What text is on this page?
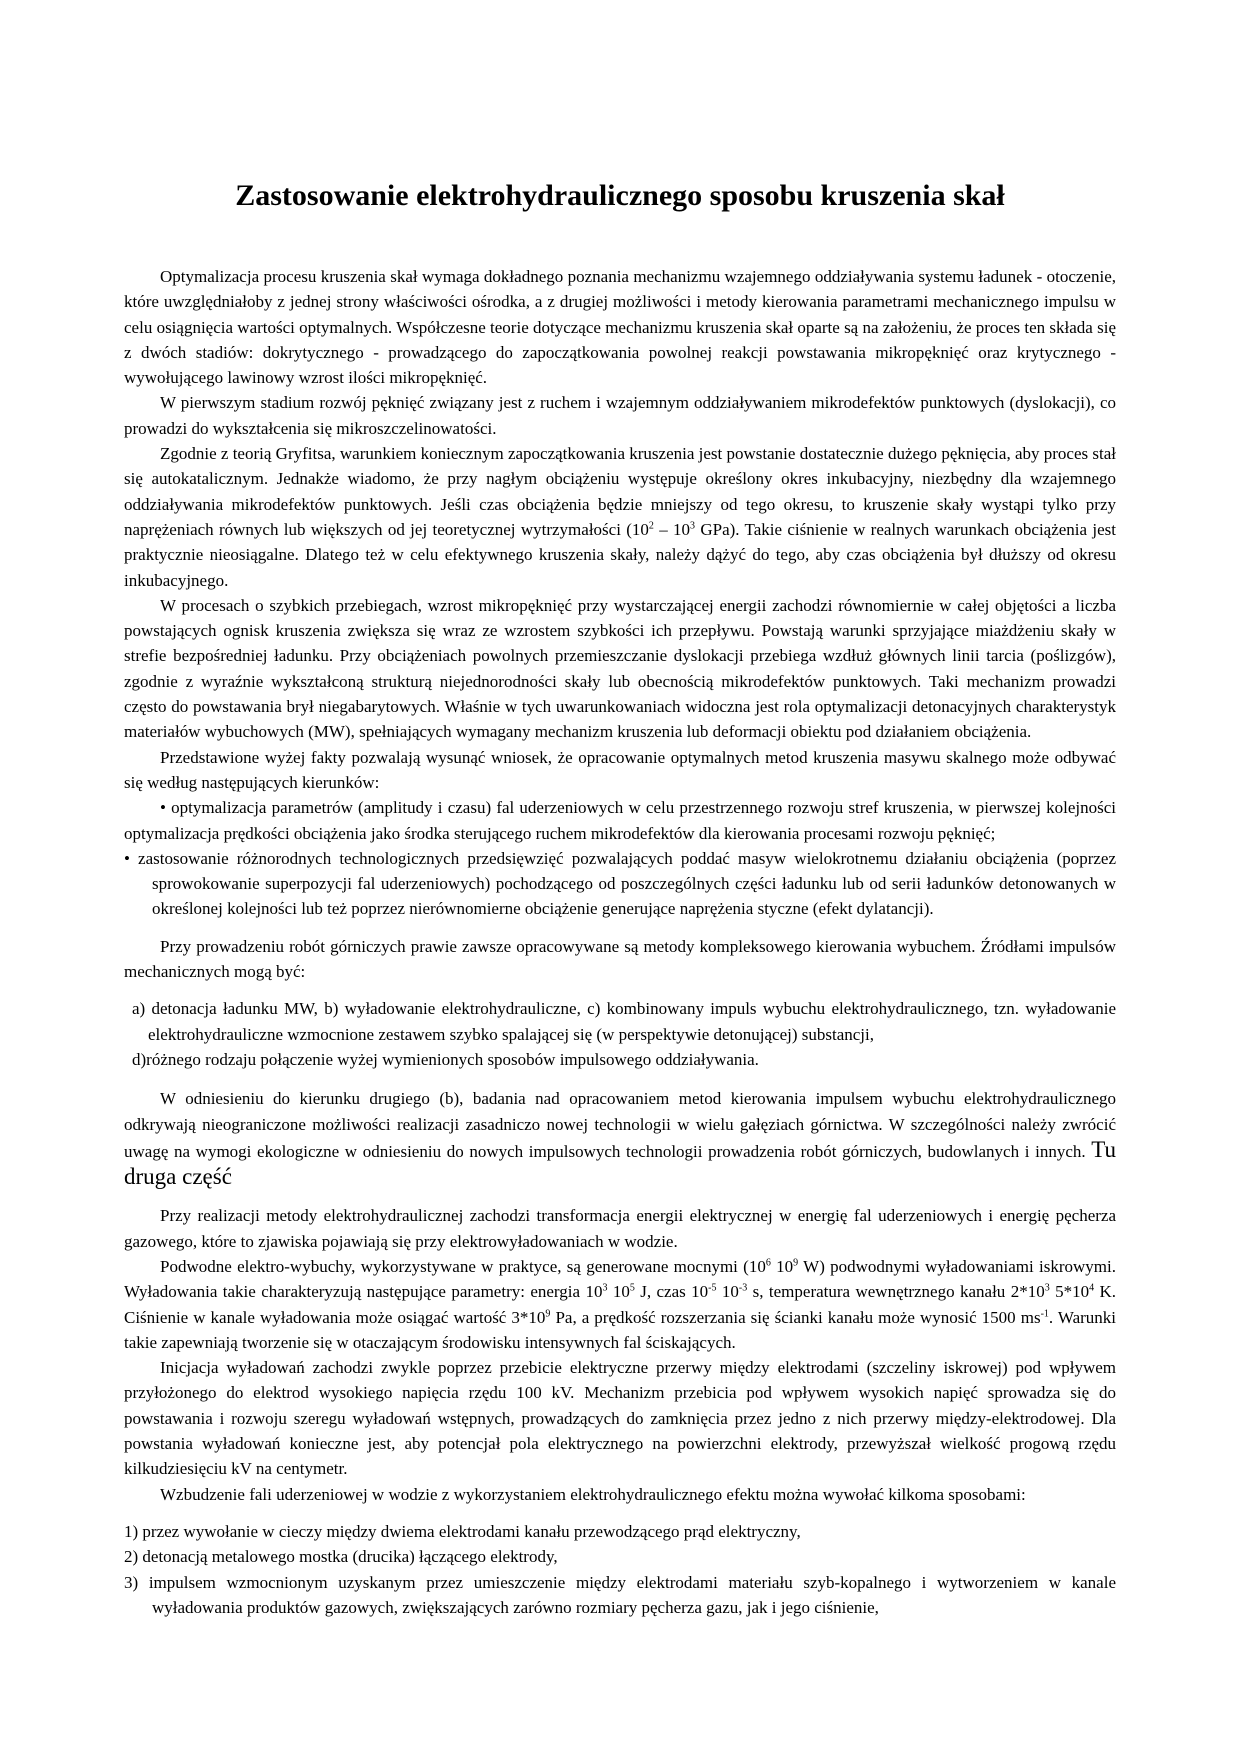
Zastosowanie elektrohydraulicznego sposobu kruszenia skał

Optymalizacja procesu kruszenia skał wymaga dokładnego poznania mechanizmu wzajemnego oddziaływania systemu ładunek - otoczenie, które uwzględniałoby z jednej strony właściwości ośrodka, a z drugiej możliwości i metody kierowania parametrami mechanicznego impulsu w celu osiągnięcia wartości optymalnych. Współczesne teorie dotyczące mechanizmu kruszenia skał oparte są na założeniu, że proces ten składa się z dwóch stadiów: dokrytycznego - prowadzącego do zapoczątkowania powolnej reakcji powstawania mikropęknięć oraz krytycznego - wywołującego lawinowy wzrost ilości mikropęknięć.

W pierwszym stadium rozwój pęknięć związany jest z ruchem i wzajemnym oddziaływaniem mikrodefektów punktowych (dyslokacji), co prowadzi do wykształcenia się mikroszczelinowatości.

Zgodnie z teorią Gryfitsa, warunkiem koniecznym zapoczątkowania kruszenia jest powstanie dostatecznie dużego pęknięcia, aby proces stał się autokatalicznym. Jednakże wiadomo, że przy nagłym obciążeniu występuje określony okres inkubacyjny, niezbędny dla wzajemnego oddziaływania mikrodefektów punktowych. Jeśli czas obciążenia będzie mniejszy od tego okresu, to kruszenie skały wystąpi tylko przy naprężeniach równych lub większych od jej teoretycznej wytrzymałości ($10^2 - 10^3$ GPa). Takie ciśnienie w realnych warunkach obciążenia jest praktycznie nieosiągalne. Dlatego też w celu efektywnego kruszenia skały, należy dążyć do tego, aby czas obciążenia był dłuższy od okresu inkubacyjnego.

W procesach o szybkich przebiegach, wzrost mikropęknięć przy wystarczającej energii zachodzi równomiernie w całej objętości a liczba powstających ognisk kruszenia zwiększa się wraz ze wzrostem szybkości ich przepływu. Powstają warunki sprzyjające miażdżeniu skały w strefie bezpośredniej ładunku. Przy obciążeniach powolnych przemieszczanie dyslokacji przebiega wzdłuż głównych linii tarcia (poślizgów), zgodnie z wyraźnie wykształconą strukturą niejednorodności skały lub obecnością mikrodefektów punktowych. Taki mechanizm prowadzi często do powstawania brył niegabarytowych. Właśnie w tych uwarunkowaniach widoczna jest rola optymalizacji detonacyjnych charakterystyk materiałów wybuchowych (MW), spełniających wymagany mechanizm kruszenia lub deformacji obiektu pod działaniem obciążenia.

Przedstawione wyżej fakty pozwalają wysunąć wniosek, że opracowanie optymalnych metod kruszenia masywu skalnego może odbywać się według następujących kierunków:

• optymalizacja parametrów (amplitudy i czasu) fal uderzeniowych w celu przestrzennego rozwoju stref kruszenia, w pierwszej kolejności optymalizacja prędkości obciążenia jako środka sterującego ruchem mikrodefektów dla kierowania procesami rozwoju pęknięć;

• zastosowanie różnorodnych technologicznych przedsięwzięć pozwalających poddać masyw wielokrotnemu działaniu obciążenia (poprzez sprowokowanie superpozycji fal uderzeniowych) pochodzącego od poszczególnych części ładunku lub od serii ładunków detonowanych w określonej kolejności lub też poprzez nierównomierne obciążenie generujące naprężenia styczne (efekt dylatancji).

Przy prowadzeniu robót górniczych prawie zawsze opracowywane są metody kompleksowego kierowania wybuchem. Źródłami impulsów mechanicznych mogą być:

a) detonacja ładunku MW, b) wyładowanie elektrohydrauliczne, c) kombinowany impuls wybuchu elektrohydraulicznego, tzn. wyładowanie elektrohydrauliczne wzmocnione zestawem szybko spalającej się (w perspektywie detonującej) substancji,

d)różnego rodzaju połączenie wyżej wymienionych sposobów impulsowego oddziaływania.

W odniesieniu do kierunku drugiego (b), badania nad opracowaniem metod kierowania impulsem wybuchu elektrohydraulicznego odkrywają nieograniczone możliwości realizacji zasadniczo nowej technologii w wielu gałęziach górnictwa. W szczególności należy zwrócić uwagę na wymogi ekologiczne w odniesieniu do nowych impulsowych technologii prowadzenia robót górniczych, budowlanych i innych. Tu druga część

Przy realizacji metody elektrohydraulicznej zachodzi transformacja energii elektrycznej w energię fal uderzeniowych i energię pęcherza gazowego, które to zjawiska pojawiają się przy elektrowyładowaniach w wodzie.

Podwodne elektro-wybuchy, wykorzystywane w praktyce, są generowane mocnymi ($10^6$ $10^9$ W) podwodnymi wyładowaniami iskrowymi. Wyładowania takie charakteryzują następujące parametry: energia $10^3$ $10^5$ J, czas $10^{-5}$ $10^{-3}$ s, temperatura wewnętrznego kanału $2*10^3$ $5*10^4$ K. Ciśnienie w kanale wyładowania może osiągać wartość $3*10^9$ Pa, a prędkość rozszerzania się ścianki kanału może wynosić 1500 $ms^{-1}$. Warunki takie zapewniają tworzenie się w otaczającym środowisku intensywnych fal ściskających.

Inicjacja wyładowań zachodzi zwykle poprzez przebicie elektryczne przerwy między elektrodami (szczeliny iskrowej) pod wpływem przyłożonego do elektrod wysokiego napięcia rzędu 100 kV. Mechanizm przebicia pod wpływem wysokich napięć sprowadza się do powstawania i rozwoju szeregu wyładowań wstępnych, prowadzących do zamknięcia przez jedno z nich przerwy między-elektrodowej. Dla powstania wyładowań konieczne jest, aby potencjał pola elektrycznego na powierzchni elektrody, przewyższał wielkość progową rzędu kilkudziesięciu kV na centymetr.

Wzbudzenie fali uderzeniowej w wodzie z wykorzystaniem elektrohydraulicznego efektu można wywołać kilkoma sposobami:

1) przez wywołanie w cieczy między dwiema elektrodami kanału przewodzącego prąd elektryczny,

2) detonacją metalowego mostka (drucika) łączącego elektrody,

3) impulsem wzmocnionym uzyskanym przez umieszczenie między elektrodami materiału szyb-kopalnego i wytworzeniem w kanale wyładowania produktów gazowych, zwiększających zarówno rozmiary pęcherza gazu, jak i jego ciśnienie,
